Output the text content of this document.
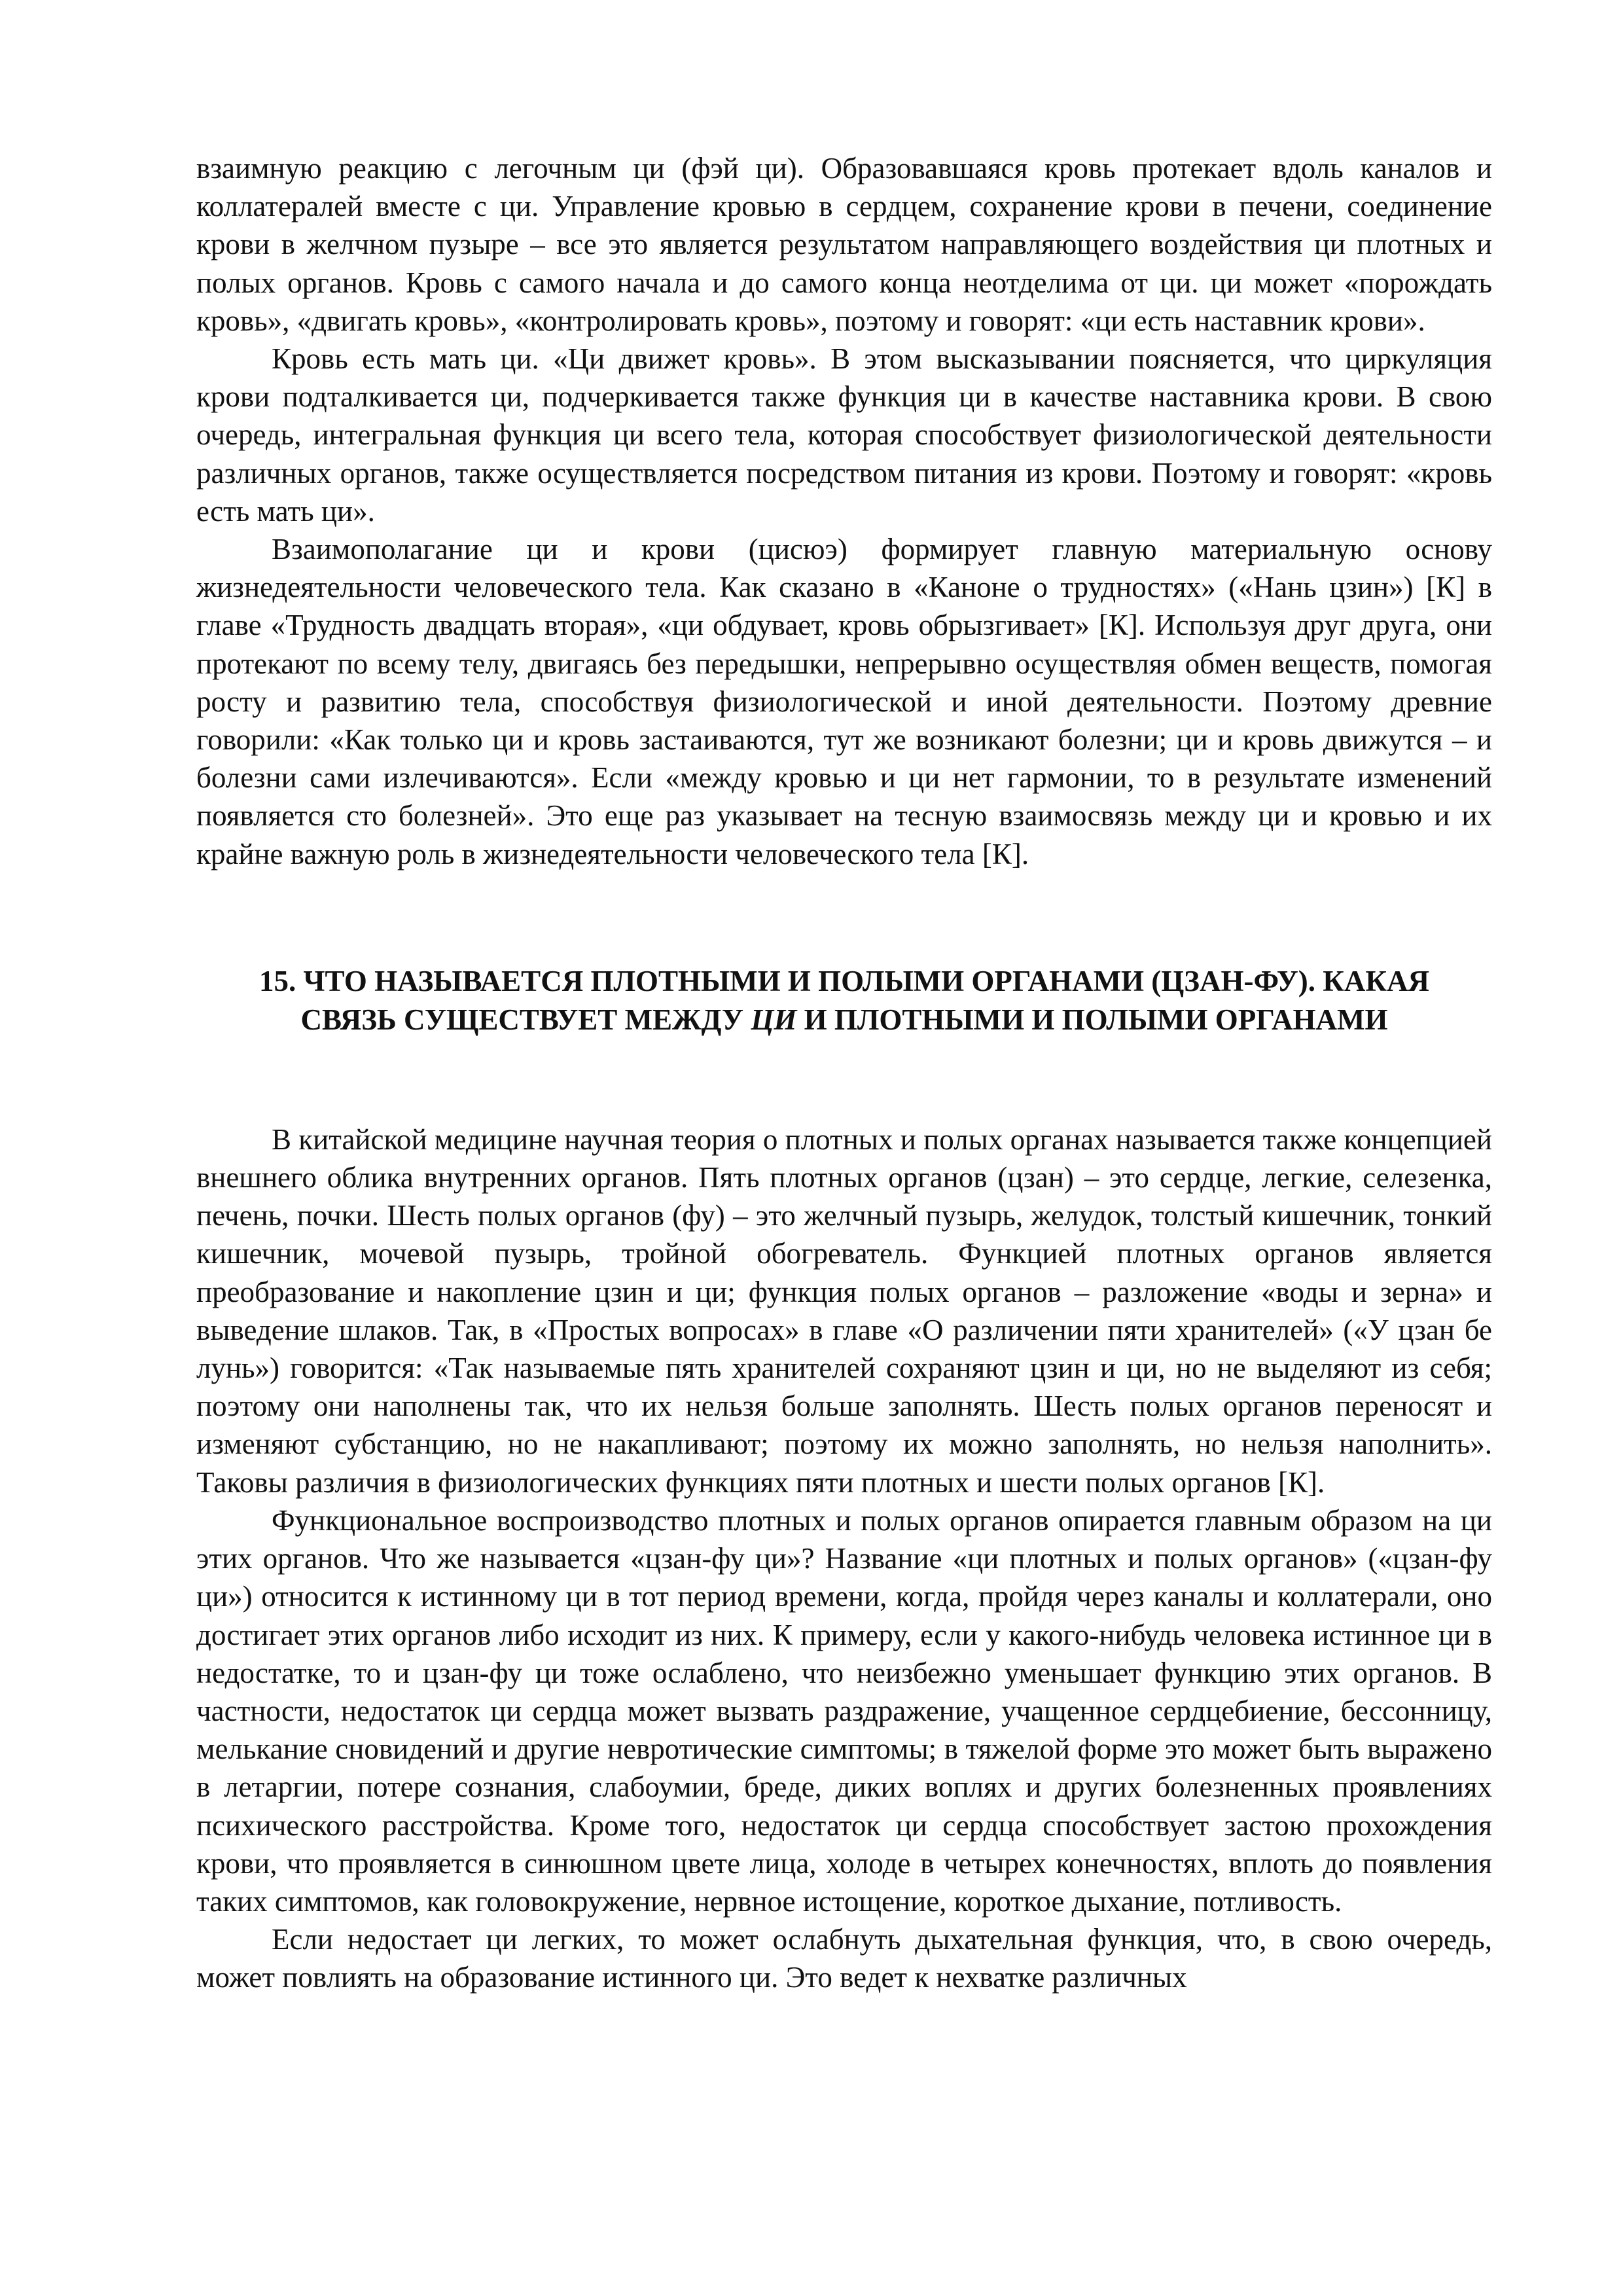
взаимную реакцию с легочным ци (фэй ци). Образовавшаяся кровь протекает вдоль каналов и коллатералей вместе с ци. Управление кровью в сердцем, сохранение крови в печени, соединение крови в желчном пузыре – все это является результатом направляющего воздействия ци плотных и полых органов. Кровь с самого начала и до самого конца неотделима от ци. ци может «порождать кровь», «двигать кровь», «контролировать кровь», поэтому и говорят: «ци есть наставник крови».

Кровь есть мать ци. «Ци движет кровь». В этом высказывании поясняется, что циркуляция крови подталкивается ци, подчеркивается также функция ци в качестве наставника крови. В свою очередь, интегральная функция ци всего тела, которая способствует физиологической деятельности различных органов, также осуществляется посредством питания из крови. Поэтому и говорят: «кровь есть мать ци».

Взаимополагание ци и крови (цисюэ) формирует главную материальную основу жизнедеятельности человеческого тела. Как сказано в «Каноне о трудностях» («Нань цзин») [К] в главе «Трудность двадцать вторая», «ци обдувает, кровь обрызгивает» [К]. Используя друг друга, они протекают по всему телу, двигаясь без передышки, непрерывно осуществляя обмен веществ, помогая росту и развитию тела, способствуя физиологической и иной деятельности. Поэтому древние говорили: «Как только ци и кровь застаиваются, тут же возникают болезни; ци и кровь движутся – и болезни сами излечиваются». Если «между кровью и ци нет гармонии, то в результате изменений появляется сто болезней». Это еще раз указывает на тесную взаимосвязь между ци и кровью и их крайне важную роль в жизнедеятельности человеческого тела [К].

15. ЧТО НАЗЫВАЕТСЯ ПЛОТНЫМИ И ПОЛЫМИ ОРГАНАМИ (ЦЗАН-ФУ). КАКАЯ
СВЯЗЬ СУЩЕСТВУЕТ МЕЖДУ ЦИ И ПЛОТНЫМИ И ПОЛЫМИ ОРГАНАМИ

В китайской медицине научная теория о плотных и полых органах называется также концепцией внешнего облика внутренних органов. Пять плотных органов (цзан) – это сердце, легкие, селезенка, печень, почки. Шесть полых органов (фу) – это желчный пузырь, желудок, толстый кишечник, тонкий кишечник, мочевой пузырь, тройной обогреватель. Функцией плотных органов является преобразование и накопление цзин и ци; функция полых органов – разложение «воды и зерна» и выведение шлаков. Так, в «Простых вопросах» в главе «О различении пяти хранителей» («У цзан бе лунь») говорится: «Так называемые пять хранителей сохраняют цзин и ци, но не выделяют из себя; поэтому они наполнены так, что их нельзя больше заполнять. Шесть полых органов переносят и изменяют субстанцию, но не накапливают; поэтому их можно заполнять, но нельзя наполнить». Таковы различия в физиологических функциях пяти плотных и шести полых органов [К].

Функциональное воспроизводство плотных и полых органов опирается главным образом на ци этих органов. Что же называется «цзан-фу ци»? Название «ци плотных и полых органов» («цзан-фу ци») относится к истинному ци в тот период времени, когда, пройдя через каналы и коллатерали, оно достигает этих органов либо исходит из них. К примеру, если у какого-нибудь человека истинное ци в недостатке, то и цзан-фу ци тоже ослаблено, что неизбежно уменьшает функцию этих органов. В частности, недостаток ци сердца может вызвать раздражение, учащенное сердцебиение, бессонницу, мелькание сновидений и другие невротические симптомы; в тяжелой форме это может быть выражено в летаргии, потере сознания, слабоумии, бреде, диких воплях и других болезненных проявлениях психического расстройства. Кроме того, недостаток ци сердца способствует застою прохождения крови, что проявляется в синюшном цвете лица, холоде в четырех конечностях, вплоть до появления таких симптомов, как головокружение, нервное истощение, короткое дыхание, потливость.

Если недостает ци легких, то может ослабнуть дыхательная функция, что, в свою очередь, может повлиять на образование истинного ци. Это ведет к нехватке различных
